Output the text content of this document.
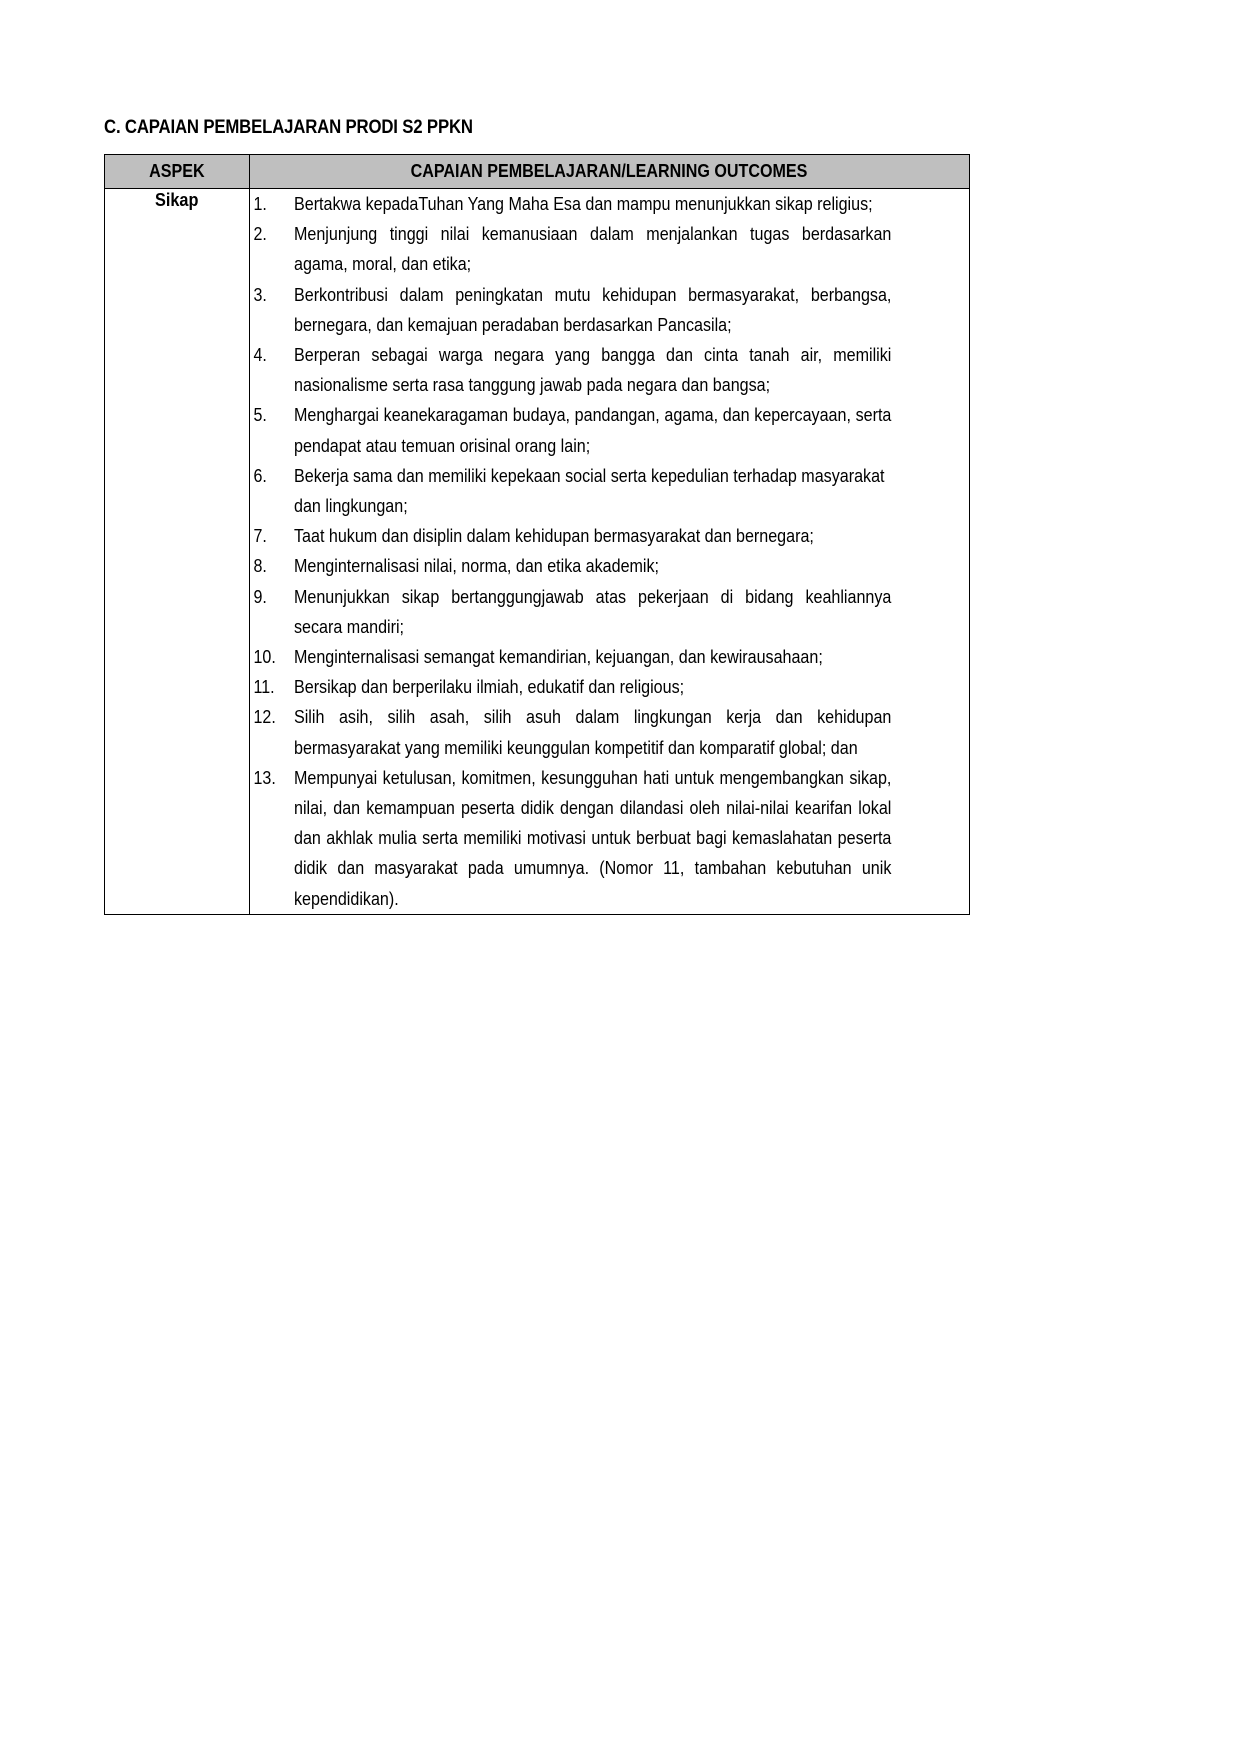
C. CAPAIAN PEMBELAJARAN PRODI S2 PPKN
ASPEK	CAPAIAN PEMBELAJARAN/LEARNING OUTCOMES
Sikap	1.	Bertakwa kepadaTuhan Yang Maha Esa dan mampu menunjukkan sikap religius;
2.	Menjunjung tinggi nilai kemanusiaan dalam menjalankan tugas berdasarkan agama, moral, dan etika;
3.	Berkontribusi dalam peningkatan mutu kehidupan bermasyarakat, berbangsa, bernegara, dan kemajuan peradaban berdasarkan Pancasila;
4.	Berperan sebagai warga negara yang bangga dan cinta tanah air, memiliki nasionalisme serta rasa tanggung jawab pada negara dan bangsa;
5.	Menghargai keanekaragaman budaya, pandangan, agama, dan kepercayaan, serta pendapat atau temuan orisinal orang lain;
6.	Bekerja sama dan memiliki kepekaan social serta kepedulian terhadap masyarakat dan lingkungan;
7.	Taat hukum dan disiplin dalam kehidupan bermasyarakat dan bernegara;
8.	Menginternalisasi nilai, norma, dan etika akademik;
9.	Menunjukkan sikap bertanggungjawab atas pekerjaan di bidang keahliannya secara mandiri;
10.	Menginternalisasi semangat kemandirian, kejuangan, dan kewirausahaan;
11.	Bersikap dan berperilaku ilmiah, edukatif dan religious;
12.	Silih asih, silih asah, silih asuh dalam lingkungan kerja dan kehidupan bermasyarakat yang memiliki keunggulan kompetitif dan komparatif global; dan
13.	Mempunyai ketulusan, komitmen, kesungguhan hati untuk mengembangkan sikap, nilai, dan kemampuan peserta didik dengan dilandasi oleh nilai-nilai kearifan lokal dan akhlak mulia serta memiliki motivasi untuk berbuat bagi kemaslahatan peserta didik dan masyarakat pada umumnya. (Nomor 11, tambahan kebutuhan unik kependidikan).
